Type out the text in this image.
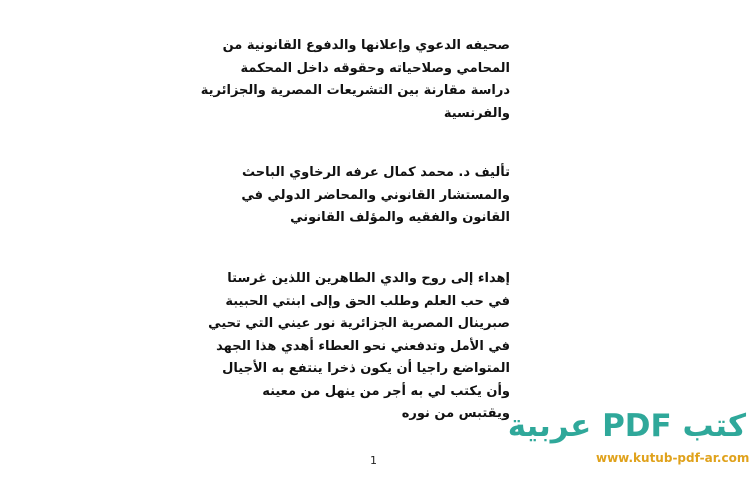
صحيفه الدعوي وإعلانها والدفوع القانونية من
المحامي وصلاحياته وحقوقه داخل المحكمة
دراسة مقارنة بين التشريعات المصرية والجزائرية
والفرنسية
تأليف د. محمد كمال عرفه الرخاوي الباحث
والمستشار القانوني والمحاضر الدولي في
القانون والفقيه والمؤلف القانوني
إهداء إلى روح والدي الطاهرين اللذين غرستا
في حب العلم وطلب الحق وإلى ابنتي الحبيبة
صبرينال المصرية الجزائرية نور عيني التي تحيي
في الأمل وتدفعني نحو العطاء أهدي هذا الجهد
المتواضع راجيا أن يكون ذخرا ينتفع به الأجيال
وأن يكتب لي به أجر من ينهل من معينه
ويقتبس من نوره
1
كتب PDF عربية
www.kutub-pdf-ar.com
